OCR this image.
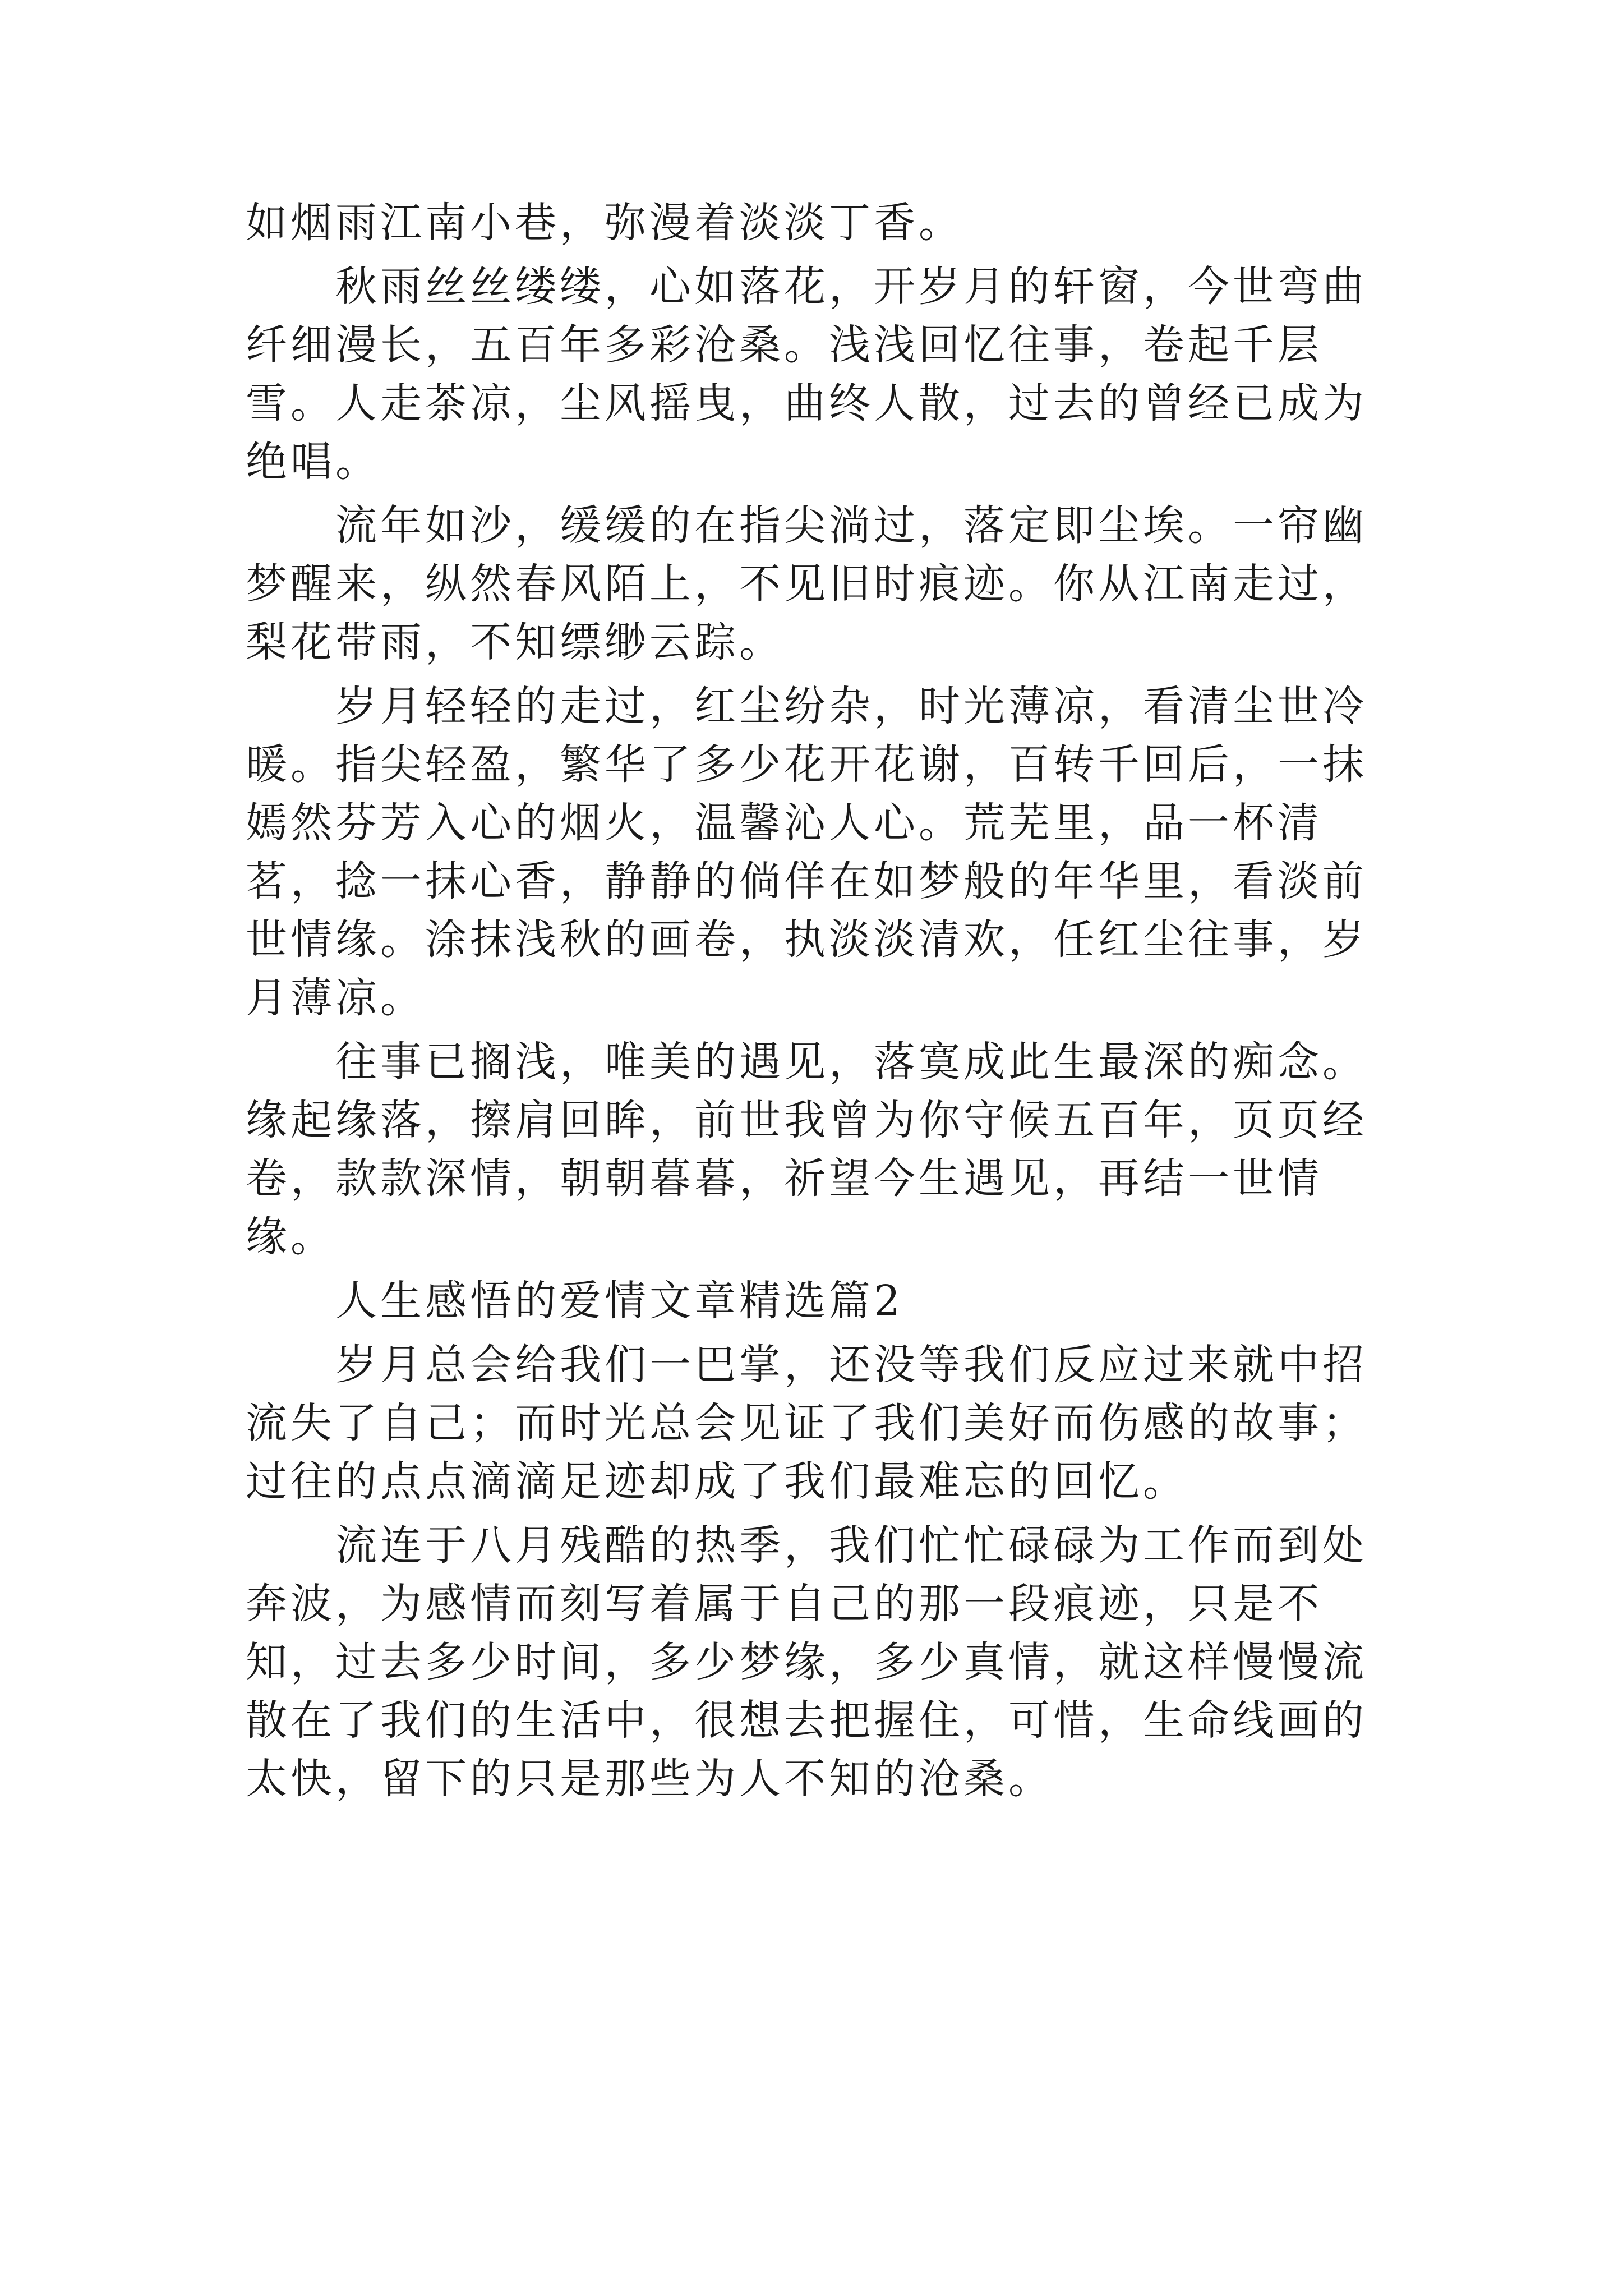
如烟雨江南小巷，弥漫着淡淡丁香。

秋雨丝丝缕缕，心如落花，开岁月的轩窗，今世弯曲纤细漫长，五百年多彩沧桑。浅浅回忆往事，卷起千层雪。人走茶凉，尘风摇曳，曲终人散，过去的曾经已成为绝唱。

流年如沙，缓缓的在指尖淌过，落定即尘埃。一帘幽梦醒来，纵然春风陌上，不见旧时痕迹。你从江南走过，梨花带雨，不知缥缈云踪。

岁月轻轻的走过，红尘纷杂，时光薄凉，看清尘世冷暖。指尖轻盈，繁华了多少花开花谢，百转千回后，一抹嫣然芬芳入心的烟火，温馨沁人心。荒芜里，品一杯清茗，捻一抹心香，静静的倘佯在如梦般的年华里，看淡前世情缘。涂抹浅秋的画卷，执淡淡清欢，任红尘往事，岁月薄凉。

往事已搁浅，唯美的遇见，落寞成此生最深的痴念。缘起缘落，擦肩回眸，前世我曾为你守候五百年，页页经卷，款款深情，朝朝暮暮，祈望今生遇见，再结一世情缘。

人生感悟的爱情文章精选篇2

岁月总会给我们一巴掌，还没等我们反应过来就中招流失了自己；而时光总会见证了我们美好而伤感的故事；过往的点点滴滴足迹却成了我们最难忘的回忆。

流连于八月残酷的热季，我们忙忙碌碌为工作而到处奔波，为感情而刻写着属于自己的那一段痕迹，只是不知，过去多少时间，多少梦缘，多少真情，就这样慢慢流散在了我们的生活中，很想去把握住，可惜，生命线画的太快，留下的只是那些为人不知的沧桑。
